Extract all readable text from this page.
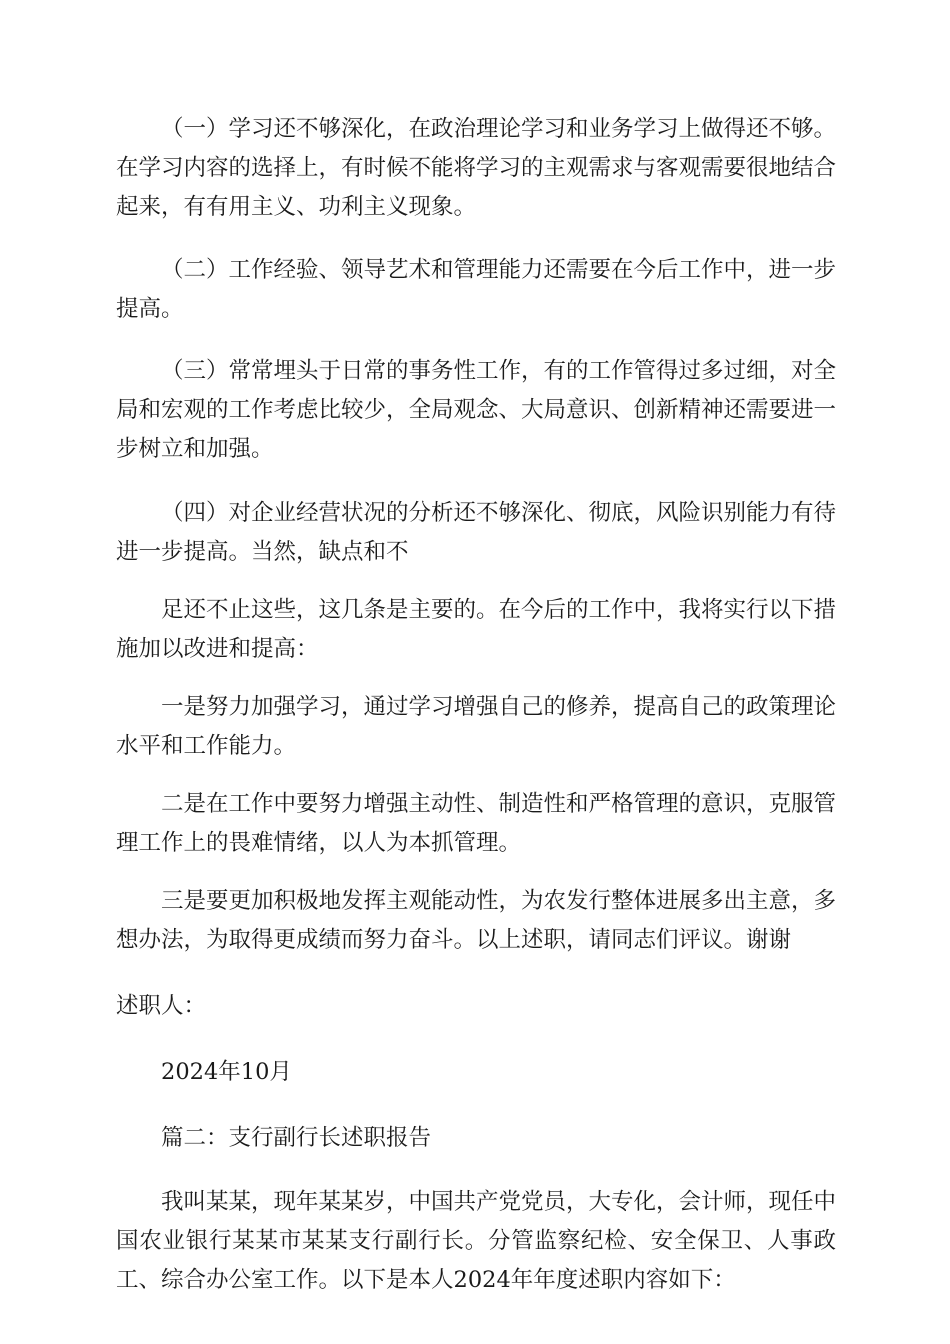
（一）学习还不够深化，在政治理论学习和业务学习上做得还不够。在学习内容的选择上，有时候不能将学习的主观需求与客观需要很地结合起来，有有用主义、功利主义现象。

（二）工作经验、领导艺术和管理能力还需要在今后工作中，进一步提高。

（三）常常埋头于日常的事务性工作，有的工作管得过多过细，对全局和宏观的工作考虑比较少，全局观念、大局意识、创新精神还需要进一步树立和加强。

（四）对企业经营状况的分析还不够深化、彻底，风险识别能力有待进一步提高。当然，缺点和不

足还不止这些，这几条是主要的。在今后的工作中，我将实行以下措施加以改进和提高：

一是努力加强学习，通过学习增强自己的修养，提高自己的政策理论水平和工作能力。

二是在工作中要努力增强主动性、制造性和严格管理的意识，克服管理工作上的畏难情绪，以人为本抓管理。

三是要更加积极地发挥主观能动性，为农发行整体进展多出主意，多想办法，为取得更成绩而努力奋斗。以上述职，请同志们评议。谢谢

述职人：

2024年10月

篇二：支行副行长述职报告

我叫某某，现年某某岁，中国共产党党员，大专化，会计师，现任中国农业银行某某市某某支行副行长。分管监察纪检、安全保卫、人事政工、综合办公室工作。以下是本人2024年年度述职内容如下：
